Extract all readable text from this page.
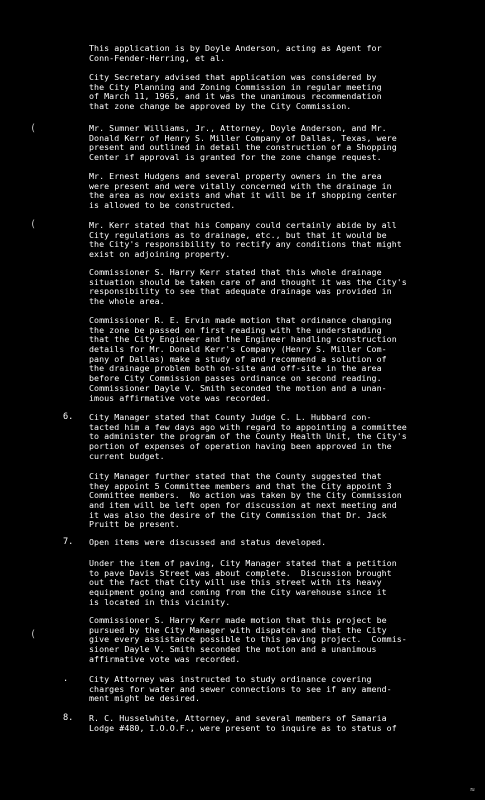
(
(
(
≈
This application is by Doyle Anderson, acting as Agent for
Conn-Fender-Herring, et al.
City Secretary advised that application was considered by
the City Planning and Zoning Commission in regular meeting
of March 11, 1965, and it was the unanimous recommendation
that zone change be approved by the City Commission.
Mr. Sumner Williams, Jr., Attorney, Doyle Anderson, and Mr.
Donald Kerr of Henry S. Miller Company of Dallas, Texas, were
present and outlined in detail the construction of a Shopping
Center if approval is granted for the zone change request.
Mr. Ernest Hudgens and several property owners in the area
were present and were vitally concerned with the drainage in
the area as now exists and what it will be if shopping center
is allowed to be constructed.
Mr. Kerr stated that his Company could certainly abide by all
City regulations as to drainage, etc., but that it would be
the City's responsibility to rectify any conditions that might
exist on adjoining property.
Commissioner S. Harry Kerr stated that this whole drainage
situation should be taken care of and thought it was the City's
responsibility to see that adequate drainage was provided in
the whole area.
Commissioner R. E. Ervin made motion that ordinance changing
the zone be passed on first reading with the understanding
that the City Engineer and the Engineer handling construction
details for Mr. Donald Kerr's Company (Henry S. Miller Com-
pany of Dallas) make a study of and recommend a solution of
the drainage problem both on-site and off-site in the area
before City Commission passes ordinance on second reading.
Commissioner Dayle V. Smith seconded the motion and a unan-
imous affirmative vote was recorded.
6. City Manager stated that County Judge C. L. Hubbard con-
tacted him a few days ago with regard to appointing a committee
to administer the program of the County Health Unit, the City's
portion of expenses of operation having been approved in the
current budget.
City Manager further stated that the County suggested that
they appoint 5 Committee members and that the City appoint 3
Committee members.  No action was taken by the City Commission
and item will be left open for discussion at next meeting and
it was also the desire of the City Commission that Dr. Jack
Pruitt be present.
7. Open items were discussed and status developed.
Under the item of paving, City Manager stated that a petition
to pave Davis Street was about complete.  Discussion brought
out the fact that City will use this street with its heavy
equipment going and coming from the City warehouse since it
is located in this vicinity.
Commissioner S. Harry Kerr made motion that this project be
pursued by the City Manager with dispatch and that the City
give every assistance possible to this paving project.  Commis-
sioner Dayle V. Smith seconded the motion and a unanimous
affirmative vote was recorded.
.	City Attorney was instructed to study ordinance covering
charges for water and sewer connections to see if any amend-
ment might be desired.
8. R. C. Husselwhite, Attorney, and several members of Samaria
Lodge #480, I.O.O.F., were present to inquire as to status of
